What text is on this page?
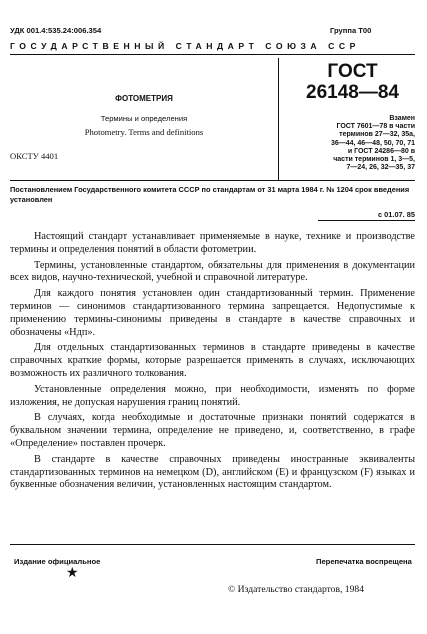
УДК 001.4:535.24:006.354	Группа Т00
ГОСУДАРСТВЕННЫЙ СТАНДАРТ СОЮЗА ССР
ФОТОМЕТРИЯ
Термины и определения
Photometry. Terms and definitions
ОКСТУ 4401
ГОСТ
26148—84
Взамен
ГОСТ 7601—78 в части
терминов 27—32, 35а,
36—44, 46—48, 50, 70, 71
и ГОСТ 24286—80 в
части терминов 1, 3—5,
7—24, 26, 32—35, 37
Постановлением Государственного комитета СССР по стандартам от 31 марта 1984 г. № 1204 срок введения установлен
с 01.07. 85

Настоящий стандарт устанавливает применяемые в науке, технике и производстве термины и определения понятий в области фотометрии.

Термины, установленные стандартом, обязательны для применения в документации всех видов, научно-технической, учебной и справочной литературе.

Для каждого понятия установлен один стандартизованный термин. Применение терминов — синонимов стандартизованного термина запрещается. Недопустимые к применению термины-синонимы приведены в стандарте в качестве справочных и обозначены «Ндп».

Для отдельных стандартизованных терминов в стандарте приведены в качестве справочных краткие формы, которые разрешается применять в случаях, исключающих возможность их различного толкования.

Установленные определения можно, при необходимости, изменять по форме изложения, не допуская нарушения границ понятий.

В случаях, когда необходимые и достаточные признаки понятий содержатся в буквальном значении термина, определение не приведено, и, соответственно, в графе «Определение» поставлен прочерк.

В стандарте в качестве справочных приведены иностранные эквиваленты стандартизованных терминов на немецком (D), английском (E) и французском (F) языках и буквенные обозначения величин, установленных настоящим стандартом.

Издание официальное	Перепечатка воспрещена
★
© Издательство стандартов, 1984
